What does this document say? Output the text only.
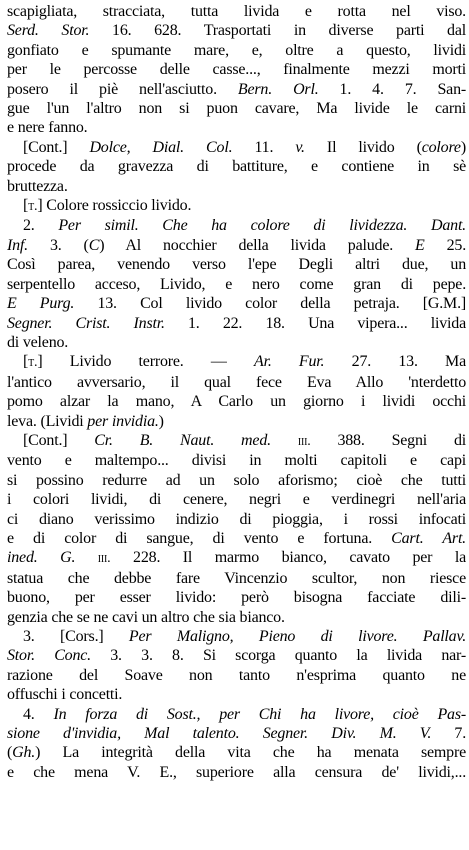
scapigliata, stracciata, tutta livida e rotta nel viso.
Serd. Stor. 16. 628. Trasportati in diverse parti dal
gonfiato e spumante mare, e, oltre a questo, lividi
per le percosse delle casse..., finalmente mezzi morti
posero il piè nell'asciutto. Bern. Orl. 1. 4. 7. San-
gue l'un l'altro non si puon cavare, Ma livide le carni
e nere fanno.
[Cont.] Dolce, Dial. Col. 11. v. Il livido (colore)
procede da gravezza di battiture, e contiene in sè
bruttezza.
[t.] Colore rossiccio livido.
2. Per simil. Che ha colore di lividezza. Dant.
Inf. 3. (C) Al nocchier della livida palude. E 25.
Così parea, venendo verso l'epe Degli altri due, un
serpentello acceso, Livido, e nero come gran di pepe.
E Purg. 13. Col livido color della petraja. [G.M.]
Segner. Crist. Instr. 1. 22. 18. Una vipera... livida
di veleno.
[t.] Livido terrore. — Ar. Fur. 27. 13. Ma
l'antico avversario, il qual fece Eva Allo 'nterdetto
pomo alzar la mano, A Carlo un giorno i lividi occhi
leva. (Lividi per invidia.)
[Cont.] Cr. B. Naut. med. iii. 388. Segni di
vento e maltempo... divisi in molti capitoli e capi
si possino redurre ad un solo aforismo; cioè che tutti
i colori lividi, di cenere, negri e verdinegri nell'aria
ci diano verissimo indizio di pioggia, i rossi infocati
e di color di sangue, di vento e fortuna. Cart. Art.
ined. G. iii. 228. Il marmo bianco, cavato per la
statua che debbe fare Vincenzio scultor, non riesce
buono, per esser livido: però bisogna facciate dili-
genzia che se ne cavi un altro che sia bianco.
3. [Cors.] Per Maligno, Pieno di livore. Pallav.
Stor. Conc. 3. 3. 8. Si scorga quanto la livida nar-
razione del Soave non tanto n'esprima quanto ne
offuschi i concetti.
4. In forza di Sost., per Chi ha livore, cioè Pas-
sione d'invidia, Mal talento. Segner. Div. M. V. 7.
(Gh.) La integrità della vita che ha menata sempre
e che mena V. E., superiore alla censura de' lividi,...
